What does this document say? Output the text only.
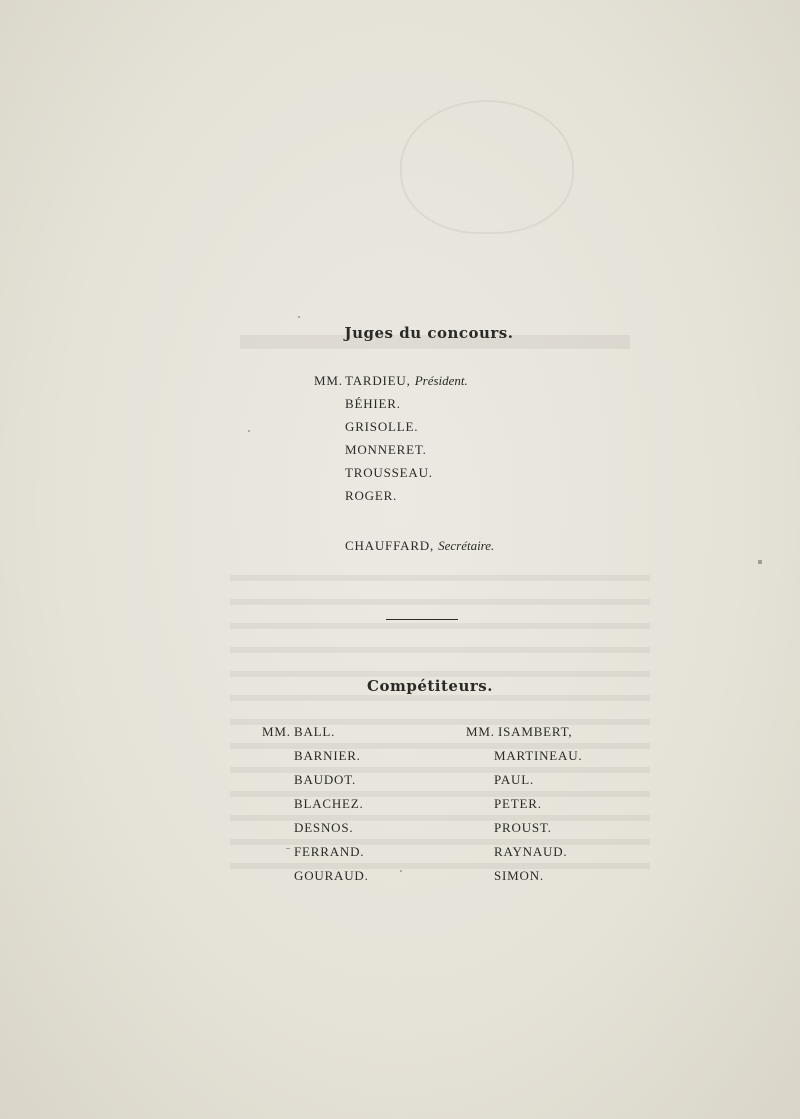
Juges du concours.
MM. TARDIEU, Président.
BÉHIER.
GRISOLLE.
MONNERET.
TROUSSEAU.
ROGER.
CHAUFFARD, Secrétaire.
Compétiteurs.
MM.	MM.
BALL.
BARNIER.
BAUDOT.
BLACHEZ.
DESNOS.
FERRAND.
GOURAUD.
ISAMBERT,
MARTINEAU.
PAUL.
PETER.
PROUST.
RAYNAUD.
SIMON.
